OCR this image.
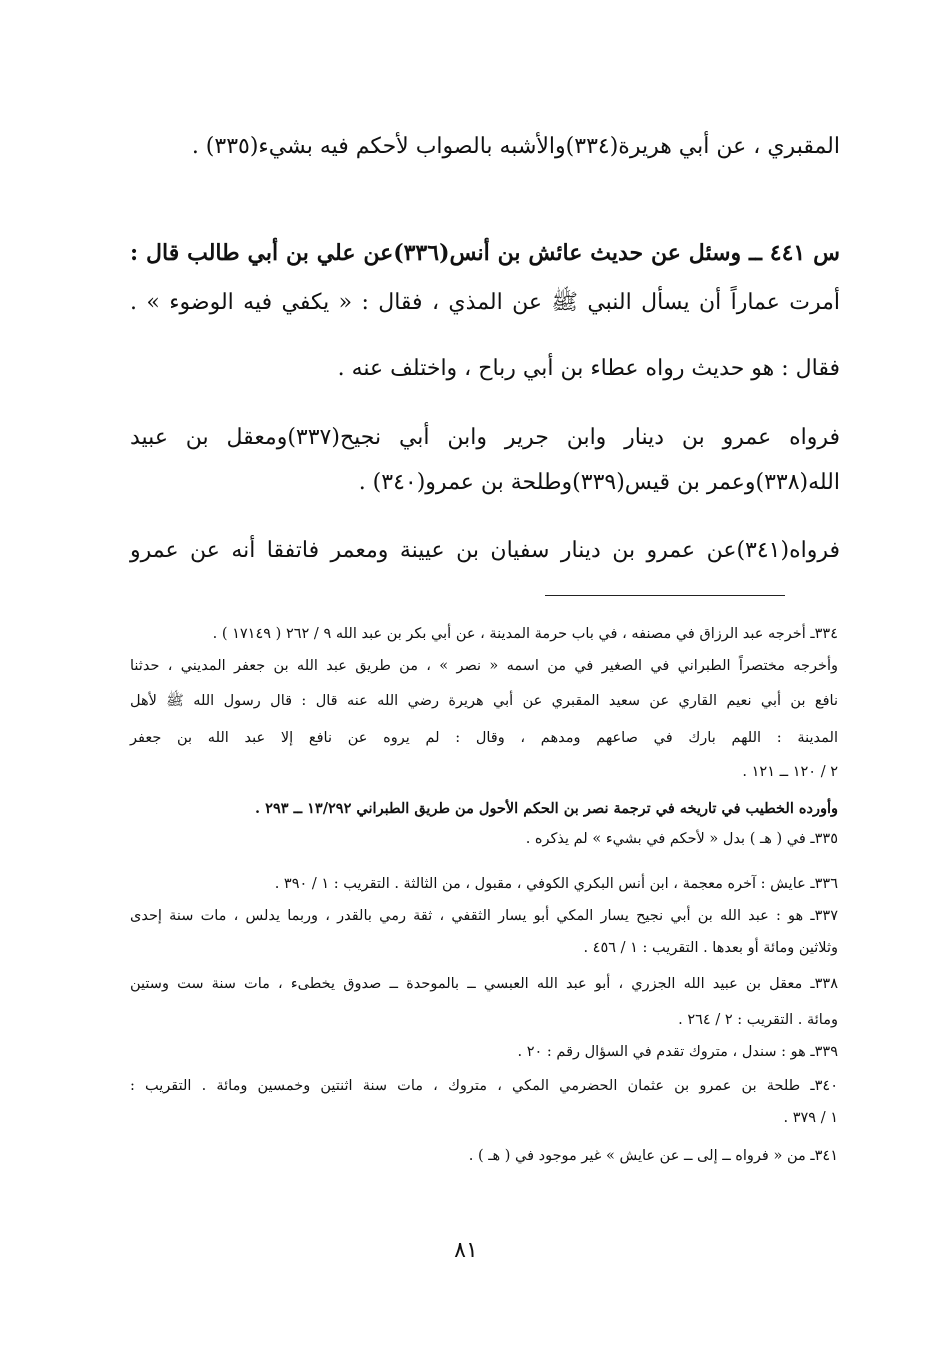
المقبري ، عن أبي هريرة(٣٣٤)والأشبه بالصواب لأحكم فيه بشيء(٣٣٥) .
س ٤٤١ ــ وسئل عن حديث عائش بن أنس(٣٣٦)عن علي بن أبي طالب قال :
أمرت عماراً أن يسأل النبي ﷺ عن المذي ، فقال : « يكفي فيه الوضوء » .
فقال : هو حديث رواه عطاء بن أبي رباح ، واختلف عنه .
فرواه عمرو بن دينار وابن جرير وابن أبي نجيح(٣٣٧)ومعقل بن عبيد
الله(٣٣٨)وعمر بن قيس(٣٣٩)وطلحة بن عمرو(٣٤٠) .
فرواه(٣٤١)عن عمرو بن دينار سفيان بن عيينة ومعمر فاتفقا أنه عن عمرو
٣٣٤ـ أخرجه عبد الرزاق في مصنفه ، في باب حرمة المدينة ، عن أبي بكر بن عبد الله ٩ / ٢٦٢ ( ١٧١٤٩ ) .
وأخرجه مختصراً الطبراني في الصغير في من اسمه « نصر » ، من طريق عبد الله بن جعفر المديني ، حدثنا
نافع بن أبي نعيم القاري عن سعيد المقبري عن أبي هريرة رضي الله عنه قال : قال رسول الله ﷺ لأهل
المدينة : اللهم بارك في صاعهم ومدهم ، وقال : لم يروه عن نافع إلا عبد الله بن جعفر
٢ / ١٢٠ ــ ١٢١ .
وأورده الخطيب في تاريخه في ترجمة نصر بن الحكم الأحول من طريق الطبراني ١٣/٢٩٢ ــ ٢٩٣ .
٣٣٥ـ في ( هـ ) بدل « لأحكم في بشيء » لم يذكره .
٣٣٦ـ عايش : آخره معجمة ، ابن أنس البكري الكوفي ، مقبول ، من الثالثة . التقريب : ١ / ٣٩٠ .
٣٣٧ـ هو : عبد الله بن أبي نجيح يسار المكي أبو يسار الثقفي ، ثقة رمي بالقدر ، وربما يدلس ، مات سنة إحدى
وثلاثين ومائة أو بعدها . التقريب : ١ / ٤٥٦ .
٣٣٨ـ معقل بن عبيد الله الجزري ، أبو عبد الله العبسي ــ بالموحدة ــ صدوق يخطىء ، مات سنة ست وستين
ومائة . التقريب : ٢ / ٢٦٤ .
٣٣٩ـ هو : سندل ، متروك تقدم في السؤال رقم : ٢٠ .
٣٤٠ـ طلحة بن عمرو بن عثمان الحضرمي المكي ، متروك ، مات سنة اثنتين وخمسين ومائة . التقريب :
١ / ٣٧٩ .
٣٤١ـ من « فرواه ــ إلى ــ عن عايش » غير موجود في ( هـ ) .
٨١
